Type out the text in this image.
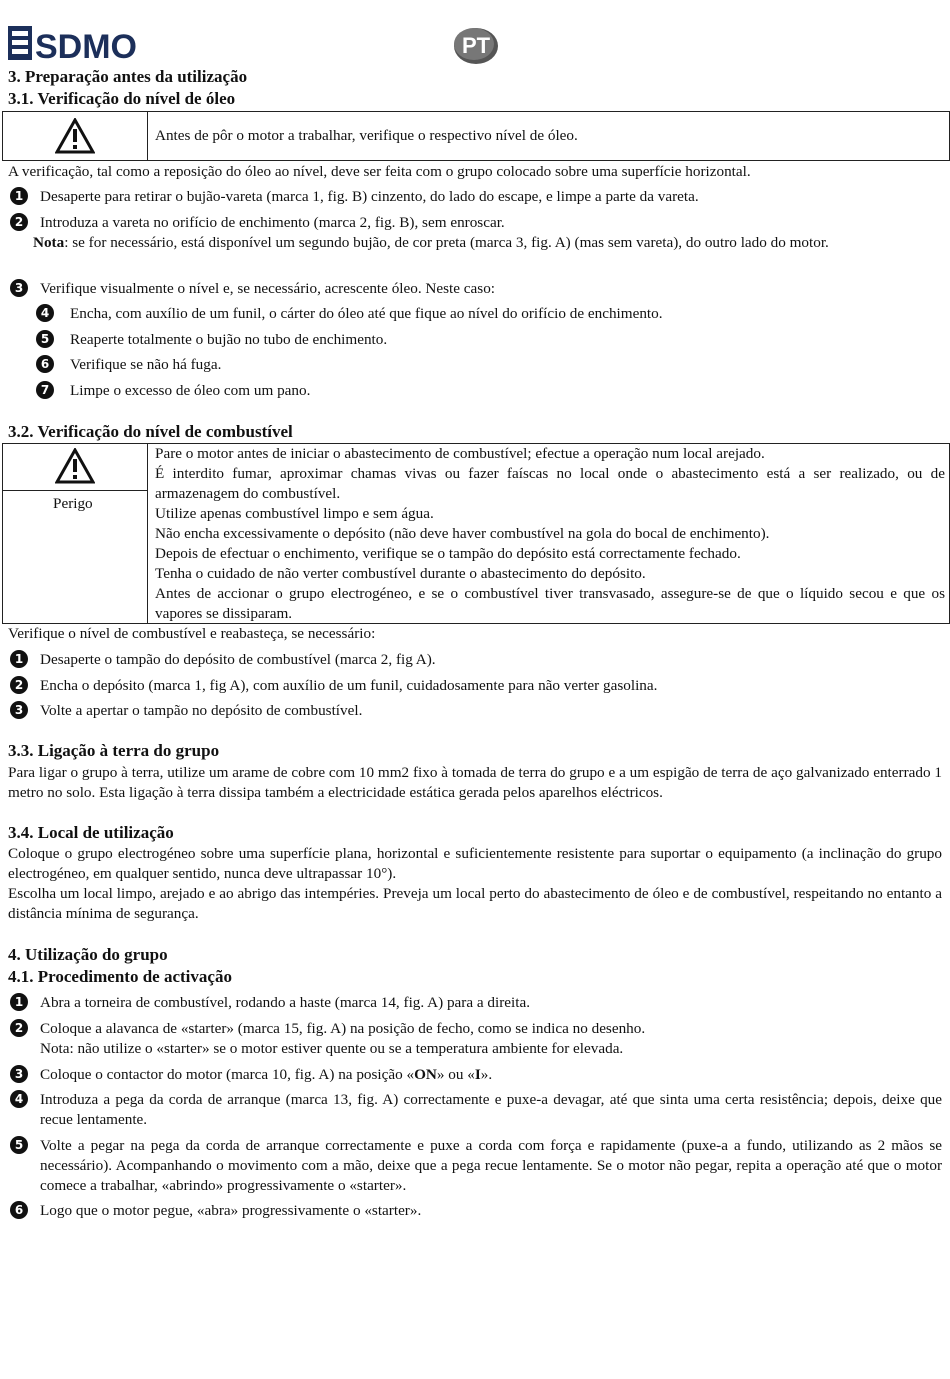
SDMO	PT
3. Preparação antes da utilização
3.1. Verificação do nível de óleo
Antes de pôr o motor a trabalhar, verifique o respectivo nível de óleo.
A verificação, tal como a reposição do óleo ao nível, deve ser feita com o grupo colocado sobre uma superfície horizontal.
1	Desaperte para retirar o bujão-vareta (marca 1, fig. B) cinzento, do lado do escape, e limpe a parte da vareta.
2	Introduza a vareta no orifício de enchimento (marca 2, fig. B), sem enroscar.
Nota: se for necessário, está disponível um segundo bujão, de cor preta (marca 3, fig. A) (mas sem vareta), do outro lado do motor.
3	Verifique visualmente o nível e, se necessário, acrescente óleo. Neste caso:
4	Encha, com auxílio de um funil, o cárter do óleo até que fique ao nível do orifício de enchimento.
5	Reaperte totalmente o bujão no tubo de enchimento.
6	Verifique se não há fuga.
7	Limpe o excesso de óleo com um pano.
3.2. Verificação do nível de combustível
Perigo
Pare o motor antes de iniciar o abastecimento de combustível; efectue a operação num local arejado.
É interdito fumar, aproximar chamas vivas ou fazer faíscas no local onde o abastecimento está a ser realizado, ou de armazenagem do combustível.
Utilize apenas combustível limpo e sem água.
Não encha excessivamente o depósito (não deve haver combustível na gola do bocal de enchimento).
Depois de efectuar o enchimento, verifique se o tampão do depósito está correctamente fechado.
Tenha o cuidado de não verter combustível durante o abastecimento do depósito.
Antes de accionar o grupo electrogéneo, e se o combustível tiver transvasado, assegure-se de que o líquido secou e que os vapores se dissiparam.
Verifique o nível de combustível e reabasteça, se necessário:
1	Desaperte o tampão do depósito de combustível (marca 2, fig A).
2	Encha o depósito (marca 1, fig A), com auxílio de um funil, cuidadosamente para não verter gasolina.
3	Volte a apertar o tampão no depósito de combustível.
3.3. Ligação à terra do grupo
Para ligar o grupo à terra, utilize um arame de cobre com 10 mm2 fixo à tomada de terra do grupo e a um espigão de terra de aço galvanizado enterrado 1 metro no solo. Esta ligação à terra dissipa também a electricidade estática gerada pelos aparelhos eléctricos.
3.4. Local de utilização
Coloque o grupo electrogéneo sobre uma superfície plana, horizontal e suficientemente resistente para suportar o equipamento (a inclinação do grupo electrogéneo, em qualquer sentido, nunca deve ultrapassar 10°).
Escolha um local limpo, arejado e ao abrigo das intempéries. Preveja um local perto do abastecimento de óleo e de combustível, respeitando no entanto a distância mínima de segurança.
4. Utilização do grupo
4.1. Procedimento de activação
1	Abra a torneira de combustível, rodando a haste (marca 14, fig. A) para a direita.
2	Coloque a alavanca de «starter» (marca 15, fig. A) na posição de fecho, como se indica no desenho.
Nota: não utilize o «starter» se o motor estiver quente ou se a temperatura ambiente for elevada.
3	Coloque o contactor do motor (marca 10, fig. A) na posição «ON» ou «I».
4	Introduza a pega da corda de arranque (marca 13, fig. A) correctamente e puxe-a devagar, até que sinta uma certa resistência; depois, deixe que recue lentamente.
5	Volte a pegar na pega da corda de arranque correctamente e puxe a corda com força e rapidamente (puxe-a a fundo, utilizando as 2 mãos se necessário). Acompanhando o movimento com a mão, deixe que a pega recue lentamente. Se o motor não pegar, repita a operação até que o motor comece a trabalhar, «abrindo» progressivamente o «starter».
6	Logo que o motor pegue, «abra» progressivamente o «starter».
